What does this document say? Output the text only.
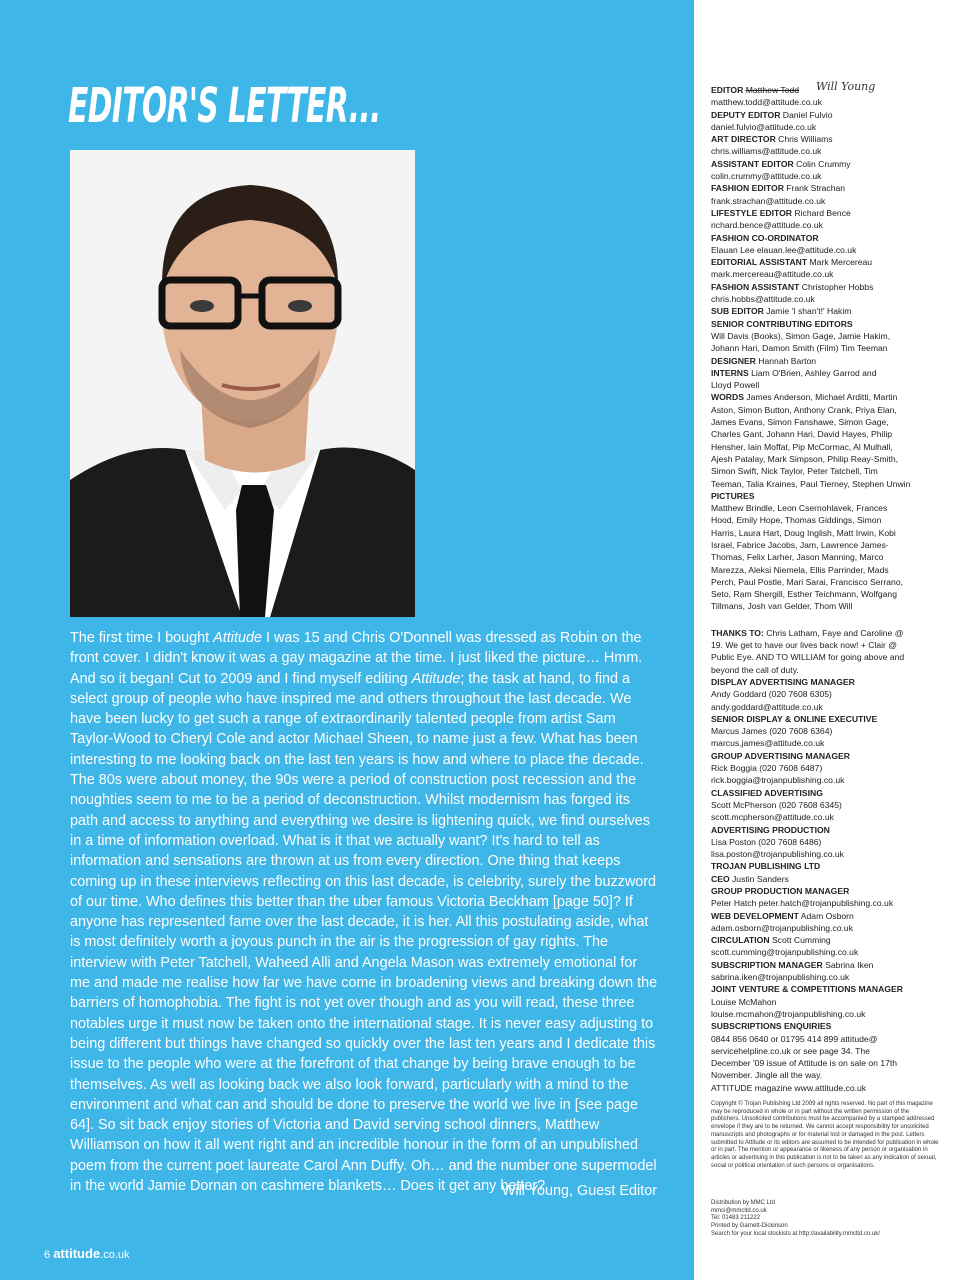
EDITOR'S LETTER...
The first time I bought Attitude I was 15 and Chris O'Donnell was dressed as Robin on the front cover. I didn't know it was a gay magazine at the time. I just liked the picture… Hmm. And so it began! Cut to 2009 and I find myself editing Attitude; the task at hand, to find a select group of people who have inspired me and others throughout the last decade. We have been lucky to get such a range of extraordinarily talented people from artist Sam Taylor-Wood to Cheryl Cole and actor Michael Sheen, to name just a few. What has been interesting to me looking back on the last ten years is how and where to place the decade. The 80s were about money, the 90s were a period of construction post recession and the noughties seem to me to be a period of deconstruction. Whilst modernism has forged its path and access to anything and everything we desire is lightening quick, we find ourselves in a time of information overload. What is it that we actually want? It's hard to tell as information and sensations are thrown at us from every direction. One thing that keeps coming up in these interviews reflecting on this last decade, is celebrity, surely the buzzword of our time. Who defines this better than the uber famous Victoria Beckham [page 50]? If anyone has represented fame over the last decade, it is her. All this postulating aside, what is most definitely worth a joyous punch in the air is the progression of gay rights. The interview with Peter Tatchell, Waheed Alli and Angela Mason was extremely emotional for me and made me realise how far we have come in broadening views and breaking down the barriers of homophobia. The fight is not yet over though and as you will read, these three notables urge it must now be taken onto the international stage. It is never easy adjusting to being different but things have changed so quickly over the last ten years and I dedicate this issue to the people who were at the forefront of that change by being brave enough to be themselves. As well as looking back we also look forward, particularly with a mind to the environment and what can and should be done to preserve the world we live in [see page 64]. So sit back enjoy stories of Victoria and David serving school dinners, Matthew Williamson on how it all went right and an incredible honour in the form of an unpublished poem from the current poet laureate Carol Ann Duffy. Oh… and the number one supermodel in the world Jamie Dornan on cashmere blankets… Does it get any better?
Will Young, Guest Editor
6 attitude.co.uk
EDITOR Matthew Todd
matthew.todd@attitude.co.uk
DEPUTY EDITOR Daniel Fulvio
daniel.fulvio@attitude.co.uk
ART DIRECTOR Chris Williams
chris.williams@attitude.co.uk
ASSISTANT EDITOR Colin Crummy
colin.crummy@attitude.co.uk
FASHION EDITOR Frank Strachan
frank.strachan@attitude.co.uk
LIFESTYLE EDITOR Richard Bence
richard.bence@attitude.co.uk
FASHION CO-ORDINATOR
Elauan Lee elauan.lee@attitude.co.uk
EDITORIAL ASSISTANT Mark Mercereau
mark.mercereau@attitude.co.uk
FASHION ASSISTANT Christopher Hobbs
chris.hobbs@attitude.co.uk
SUB EDITOR Jamie 'I shan't!' Hakim
SENIOR CONTRIBUTING EDITORS
Will Davis (Books), Simon Gage, Jamie Hakim,
Johann Hari, Damon Smith (Film) Tim Teeman
DESIGNER Hannah Barton
INTERNS Liam O'Brien, Ashley Garrod and
Lloyd Powell
WORDS James Anderson, Michael Arditti, Martin
Aston, Simon Button, Anthony Crank, Priya Elan,
James Evans, Simon Fanshawe, Simon Gage,
Charles Gant, Johann Hari, David Hayes, Philip
Hensher, Iain Moffat, Pip McCormac, Al Mulhall,
Ajesh Patalay, Mark Simpson, Philip Reay-Smith,
Simon Swift, Nick Taylor, Peter Tatchell, Tim
Teeman, Talia Kraines, Paul Tierney, Stephen Unwin
PICTURES
Matthew Brindle, Leon Csernohlavek, Frances
Hood, Emily Hope, Thomas Giddings, Simon
Harris, Laura Hart, Doug Inglish, Matt Irwin, Kobi
Israel, Fabrice Jacobs, Jam, Lawrence James-
Thomas, Felix Larher, Jason Manning, Marco
Marezza, Aleksi Niemela, Ellis Parrinder, Mads
Perch, Paul Postle, Mari Sarai, Francisco Serrano,
Seto, Ram Shergill, Esther Teichmann, Wolfgang
Tillmans, Josh van Gelder, Thom Will
THANKS TO: Chris Latham, Faye and Caroline @
19. We get to have our lives back now! + Clair @
Public Eye. AND TO WILLIAM for going above and
beyond the call of duty.
DISPLAY ADVERTISING MANAGER
Andy Goddard (020 7608 6305)
andy.goddard@attitude.co.uk
SENIOR DISPLAY & ONLINE EXECUTIVE
Marcus James (020 7608 6364)
marcus.james@attitude.co.uk
GROUP ADVERTISING MANAGER
Rick Boggia (020 7608 6487)
rick.boggia@trojanpublishing.co.uk
CLASSIFIED ADVERTISING
Scott McPherson (020 7608 6345)
scott.mcpherson@attitude.co.uk
ADVERTISING PRODUCTION
Lisa Poston (020 7608 6486)
lisa.poston@trojanpublishing.co.uk
TROJAN PUBLISHING LTD
CEO Justin Sanders
GROUP PRODUCTION MANAGER
Peter Hatch peter.hatch@trojanpublishing.co.uk
WEB DEVELOPMENT Adam Osborn
adam.osborn@trojanpublishing.co.uk
CIRCULATION Scott Cumming
scott.cumming@trojanpublishing.co.uk
SUBSCRIPTION MANAGER Sabrina Iken
sabrina.iken@trojanpublishing.co.uk
JOINT VENTURE & COMPETITIONS MANAGER
Louise McMahon
louise.mcmahon@trojanpublishing.co.uk
SUBSCRIPTIONS ENQUIRIES
0844 856 0640 or 01795 414 899 attitude@
servicehelpline.co.uk or see page 34. The
December '09 issue of Attitude is on sale on 17th
November. Jingle all the way.
ATTITUDE magazine www.attitude.co.uk
Will Young
Copyright © Trojan Publishing Ltd 2009 all rights reserved. No part of this magazine may be reproduced in whole or in part without the written permission of the publishers. Unsolicited contributions must be accompanied by a stamped addressed envelope if they are to be returned. We cannot accept responsibility for unsolicited manuscripts and photographs or for material lost or damaged in the post. Letters submitted to Attitude or its editors are assumed to be intended for publication in whole or in part. The mention or appearance or likeness of any person or organisation in articles or advertising in this publication is not to be taken as any indication of sexual, social or political orientation of such persons or organisations.
Distribution by MMC Ltd
mmci@mmcltd.co.uk
Tel: 01483 211222
Printed by Garnett-Dickinson
Search for your local stockists at http://availability.mmcltd.co.uk/
